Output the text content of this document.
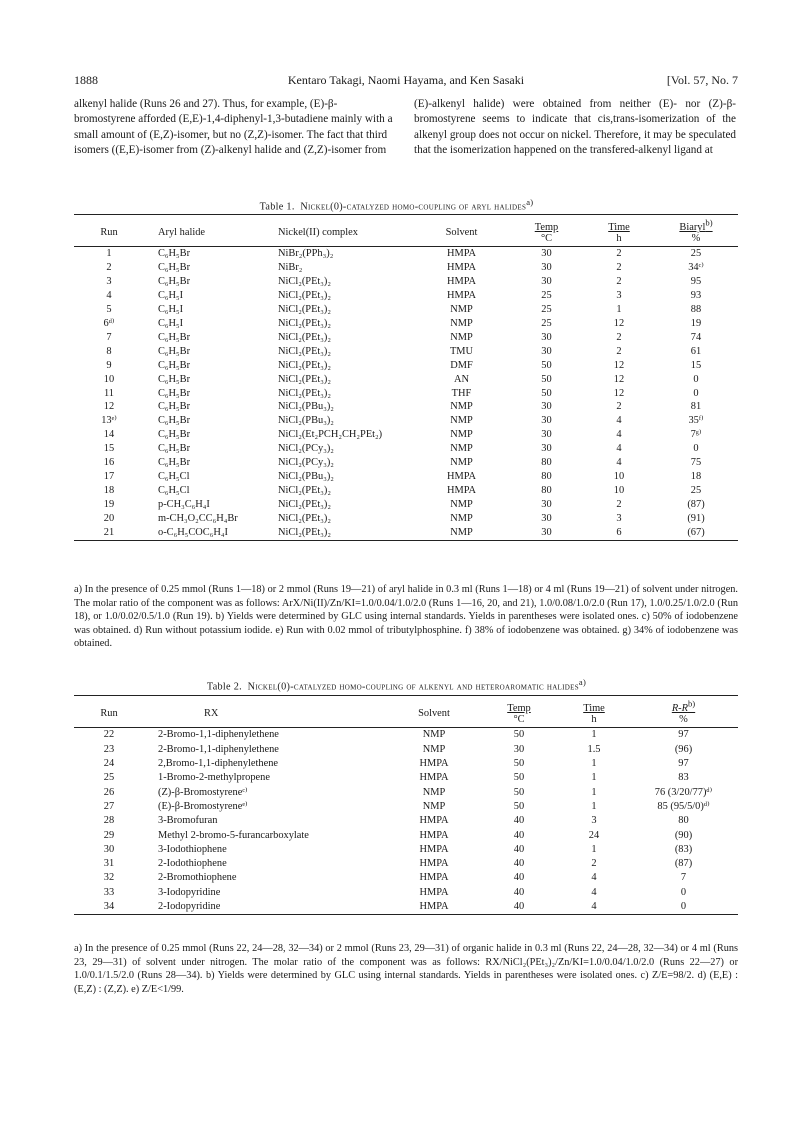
1888	Kentaro Takagi, Naomi Hayama, and Ken Sasaki	[Vol. 57, No. 7
alkenyl halide (Runs 26 and 27). Thus, for example, (E)-β-bromostyrene afforded (E,E)-1,4-diphenyl-1,3-butadiene mainly with a small amount of (E,Z)-isomer, but no (Z,Z)-isomer. The fact that third isomers ((E,E)-isomer from (Z)-alkenyl halide and (Z,Z)-isomer from
(E)-alkenyl halide) were obtained from neither (E)- nor (Z)-β-bromostyrene seems to indicate that cis,trans-isomerization of the alkenyl group does not occur on nickel. Therefore, it may be speculated that the isomerization happened on the transfered-alkenyl ligand at
Table 1. Nickel(0)-catalyzed homo-coupling of aryl halides$^{a)}$
Run	Aryl halide	Nickel(II) complex	Solvent	Temp	Time	Biaryl$^{b)}$
				°C	h	%
1	C₆H₅Br	NiBr₂(PPh₃)₂	HMPA	30	2	25
2	C₆H₅Br	NiBr₂	HMPA	30	2	34ᶜ⁾
3	C₆H₅Br	NiCl₂(PEt₃)₂	HMPA	30	2	95
4	C₆H₅I	NiCl₂(PEt₃)₂	HMPA	25	3	93
5	C₆H₅I	NiCl₂(PEt₃)₂	NMP	25	1	88
6ᵈ⁾	C₆H₅I	NiCl₂(PEt₃)₂	NMP	25	12	19
7	C₆H₅Br	NiCl₂(PEt₃)₂	NMP	30	2	74
8	C₆H₅Br	NiCl₂(PEt₃)₂	TMU	30	2	61
9	C₆H₅Br	NiCl₂(PEt₃)₂	DMF	50	12	15
10	C₆H₅Br	NiCl₂(PEt₃)₂	AN	50	12	0
11	C₆H₅Br	NiCl₂(PEt₃)₂	THF	50	12	0
12	C₆H₅Br	NiCl₂(PBu₃)₂	NMP	30	2	81
13ᵉ⁾	C₆H₅Br	NiCl₂(PBu₃)₂	NMP	30	4	35ᶠ⁾
14	C₆H₅Br	NiCl₂(Et₂PCH₂CH₂PEt₂)	NMP	30	4	7ᵍ⁾
15	C₆H₅Br	NiCl₂(PCy₃)₂	NMP	30	4	0
16	C₆H₅Br	NiCl₂(PCy₃)₂	NMP	80	4	75
17	C₆H₅Cl	NiCl₂(PBu₃)₂	HMPA	80	10	18
18	C₆H₅Cl	NiCl₂(PEt₃)₂	HMPA	80	10	25
19	p-CH₃C₆H₄I	NiCl₂(PEt₃)₂	NMP	30	2	(87)
20	m-CH₃O₂CC₆H₄Br	NiCl₂(PEt₃)₂	NMP	30	3	(91)
21	o-C₆H₅COC₆H₄I	NiCl₂(PEt₃)₂	NMP	30	6	(67)
a) In the presence of 0.25 mmol (Runs 1—18) or 2 mmol (Runs 19—21) of aryl halide in 0.3 ml (Runs 1—18) or 4 ml (Runs 19—21) of solvent under nitrogen. The molar ratio of the component was as follows: ArX/Ni(II)/Zn/KI=1.0/0.04/1.0/2.0 (Runs 1—16, 20, and 21), 1.0/0.08/1.0/2.0 (Run 17), 1.0/0.25/1.0/2.0 (Run 18), or 1.0/0.02/0.5/1.0 (Run 19). b) Yields were determined by GLC using internal standards. Yields in parentheses were isolated ones. c) 50% of iodobenzene was obtained. d) Run without potassium iodide. e) Run with 0.02 mmol of tributylphosphine. f) 38% of iodobenzene was obtained. g) 34% of iodobenzene was obtained.
Table 2. Nickel(0)-catalyzed homo-coupling of alkenyl and heteroaromatic halides$^{a)}$
Run	RX	Solvent	Temp	Time	$R-R^{b)}$
			°C	h	%
22	2-Bromo-1,1-diphenylethene	NMP	50	1	97
23	2-Bromo-1,1-diphenylethene	NMP	30	1.5	(96)
24	2,Bromo-1,1-diphenylethene	HMPA	50	1	97
25	1-Bromo-2-methylpropene	HMPA	50	1	83
26	(Z)-β-Bromostyreneᶜ⁾	NMP	50	1	76 (3/20/77)ᵈ⁾
27	(E)-β-Bromostyreneᵉ⁾	NMP	50	1	85 (95/5/0)ᵈ⁾
28	3-Bromofuran	HMPA	40	3	80
29	Methyl 2-bromo-5-furancarboxylate	HMPA	40	24	(90)
30	3-Iodothiophene	HMPA	40	1	(83)
31	2-Iodothiophene	HMPA	40	2	(87)
32	2-Bromothiophene	HMPA	40	4	7
33	3-Iodopyridine	HMPA	40	4	0
34	2-Iodopyridine	HMPA	40	4	0
a) In the presence of 0.25 mmol (Runs 22, 24—28, 32—34) or 2 mmol (Runs 23, 29—31) of organic halide in 0.3 ml (Runs 22, 24—28, 32—34) or 4 ml (Runs 23, 29—31) of solvent under nitrogen. The molar ratio of the component was as follows: RX/NiCl₂(PEt₃)₂/Zn/KI=1.0/0.04/1.0/2.0 (Runs 22—27) or 1.0/0.1/1.5/2.0 (Runs 28—34). b) Yields were determined by GLC using internal standards. Yields in parentheses were isolated ones. c) Z/E=98/2. d) (E,E) : (E,Z) : (Z,Z). e) Z/E<1/99.
